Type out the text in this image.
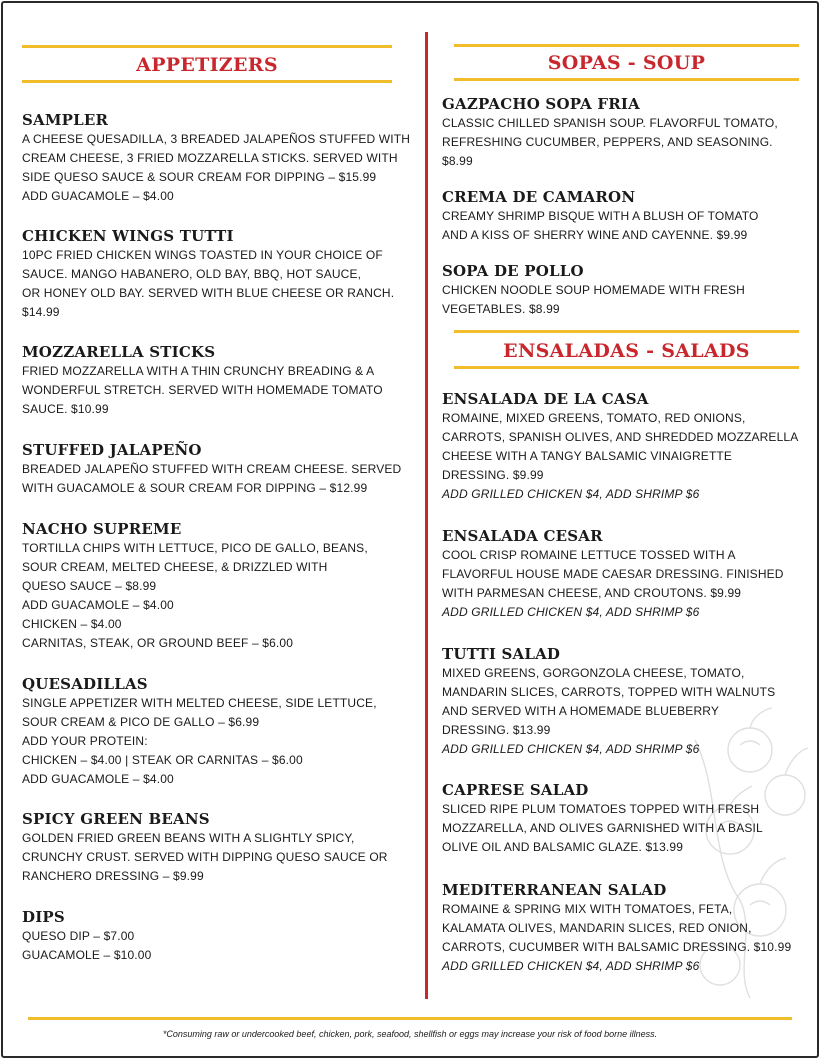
APPETIZERS
SAMPLER
A CHEESE QUESADILLA, 3 BREADED JALAPEÑOS STUFFED WITH
CREAM CHEESE, 3 FRIED MOZZARELLA STICKS. SERVED WITH
SIDE QUESO SAUCE & SOUR CREAM FOR DIPPING – $15.99
ADD GUACAMOLE – $4.00
CHICKEN WINGS TUTTI
10PC FRIED CHICKEN WINGS TOASTED IN YOUR CHOICE OF
SAUCE. MANGO HABANERO, OLD BAY, BBQ, HOT SAUCE,
OR HONEY OLD BAY. SERVED WITH BLUE CHEESE OR RANCH.
$14.99
MOZZARELLA STICKS
FRIED MOZZARELLA WITH A THIN CRUNCHY BREADING & A
WONDERFUL STRETCH. SERVED WITH HOMEMADE TOMATO
SAUCE. $10.99
STUFFED JALAPEÑO
BREADED JALAPEÑO STUFFED WITH CREAM CHEESE. SERVED
WITH GUACAMOLE & SOUR CREAM FOR DIPPING – $12.99
NACHO SUPREME
TORTILLA CHIPS WITH LETTUCE, PICO DE GALLO, BEANS,
SOUR CREAM, MELTED CHEESE, & DRIZZLED WITH
QUESO SAUCE – $8.99
ADD GUACAMOLE – $4.00
CHICKEN – $4.00
CARNITAS, STEAK, OR GROUND BEEF – $6.00
QUESADILLAS
SINGLE APPETIZER WITH MELTED CHEESE, SIDE LETTUCE,
SOUR CREAM & PICO DE GALLO – $6.99
ADD YOUR PROTEIN:
CHICKEN – $4.00 | STEAK OR CARNITAS – $6.00
ADD GUACAMOLE – $4.00
SPICY GREEN BEANS
GOLDEN FRIED GREEN BEANS WITH A SLIGHTLY SPICY,
CRUNCHY CRUST. SERVED WITH DIPPING QUESO SAUCE OR
RANCHERO DRESSING – $9.99
DIPS
QUESO DIP – $7.00
GUACAMOLE – $10.00
SOPAS - SOUP
GAZPACHO SOPA FRIA
CLASSIC CHILLED SPANISH SOUP. FLAVORFUL TOMATO,
REFRESHING CUCUMBER, PEPPERS, AND SEASONING.
$8.99
CREMA DE CAMARON
CREAMY SHRIMP BISQUE WITH A BLUSH OF TOMATO
AND A KISS OF SHERRY WINE AND CAYENNE. $9.99
SOPA DE POLLO
CHICKEN NOODLE SOUP HOMEMADE WITH FRESH
VEGETABLES. $8.99
ENSALADAS - SALADS
ENSALADA DE LA CASA
ROMAINE, MIXED GREENS, TOMATO, RED ONIONS,
CARROTS, SPANISH OLIVES, AND SHREDDED MOZZARELLA
CHEESE WITH A TANGY BALSAMIC VINAIGRETTE
DRESSING. $9.99
ADD GRILLED CHICKEN $4, ADD SHRIMP $6
ENSALADA CESAR
COOL CRISP ROMAINE LETTUCE TOSSED WITH A
FLAVORFUL HOUSE MADE CAESAR DRESSING. FINISHED
WITH PARMESAN CHEESE, AND CROUTONS. $9.99
ADD GRILLED CHICKEN $4, ADD SHRIMP $6
TUTTI SALAD
MIXED GREENS, GORGONZOLA CHEESE, TOMATO,
MANDARIN SLICES, CARROTS, TOPPED WITH WALNUTS
AND SERVED WITH A HOMEMADE BLUEBERRY
DRESSING. $13.99
ADD GRILLED CHICKEN $4, ADD SHRIMP $6
CAPRESE SALAD
SLICED RIPE PLUM TOMATOES TOPPED WITH FRESH
MOZZARELLA, AND OLIVES GARNISHED WITH A BASIL
OLIVE OIL AND BALSAMIC GLAZE. $13.99
MEDITERRANEAN SALAD
ROMAINE & SPRING MIX WITH TOMATOES, FETA,
KALAMATA OLIVES, MANDARIN SLICES, RED ONION,
CARROTS, CUCUMBER WITH BALSAMIC DRESSING. $10.99
ADD GRILLED CHICKEN $4, ADD SHRIMP $6
*Consuming raw or undercooked beef, chicken, pork, seafood, shellfish or eggs may increase your risk of food borne illness.
